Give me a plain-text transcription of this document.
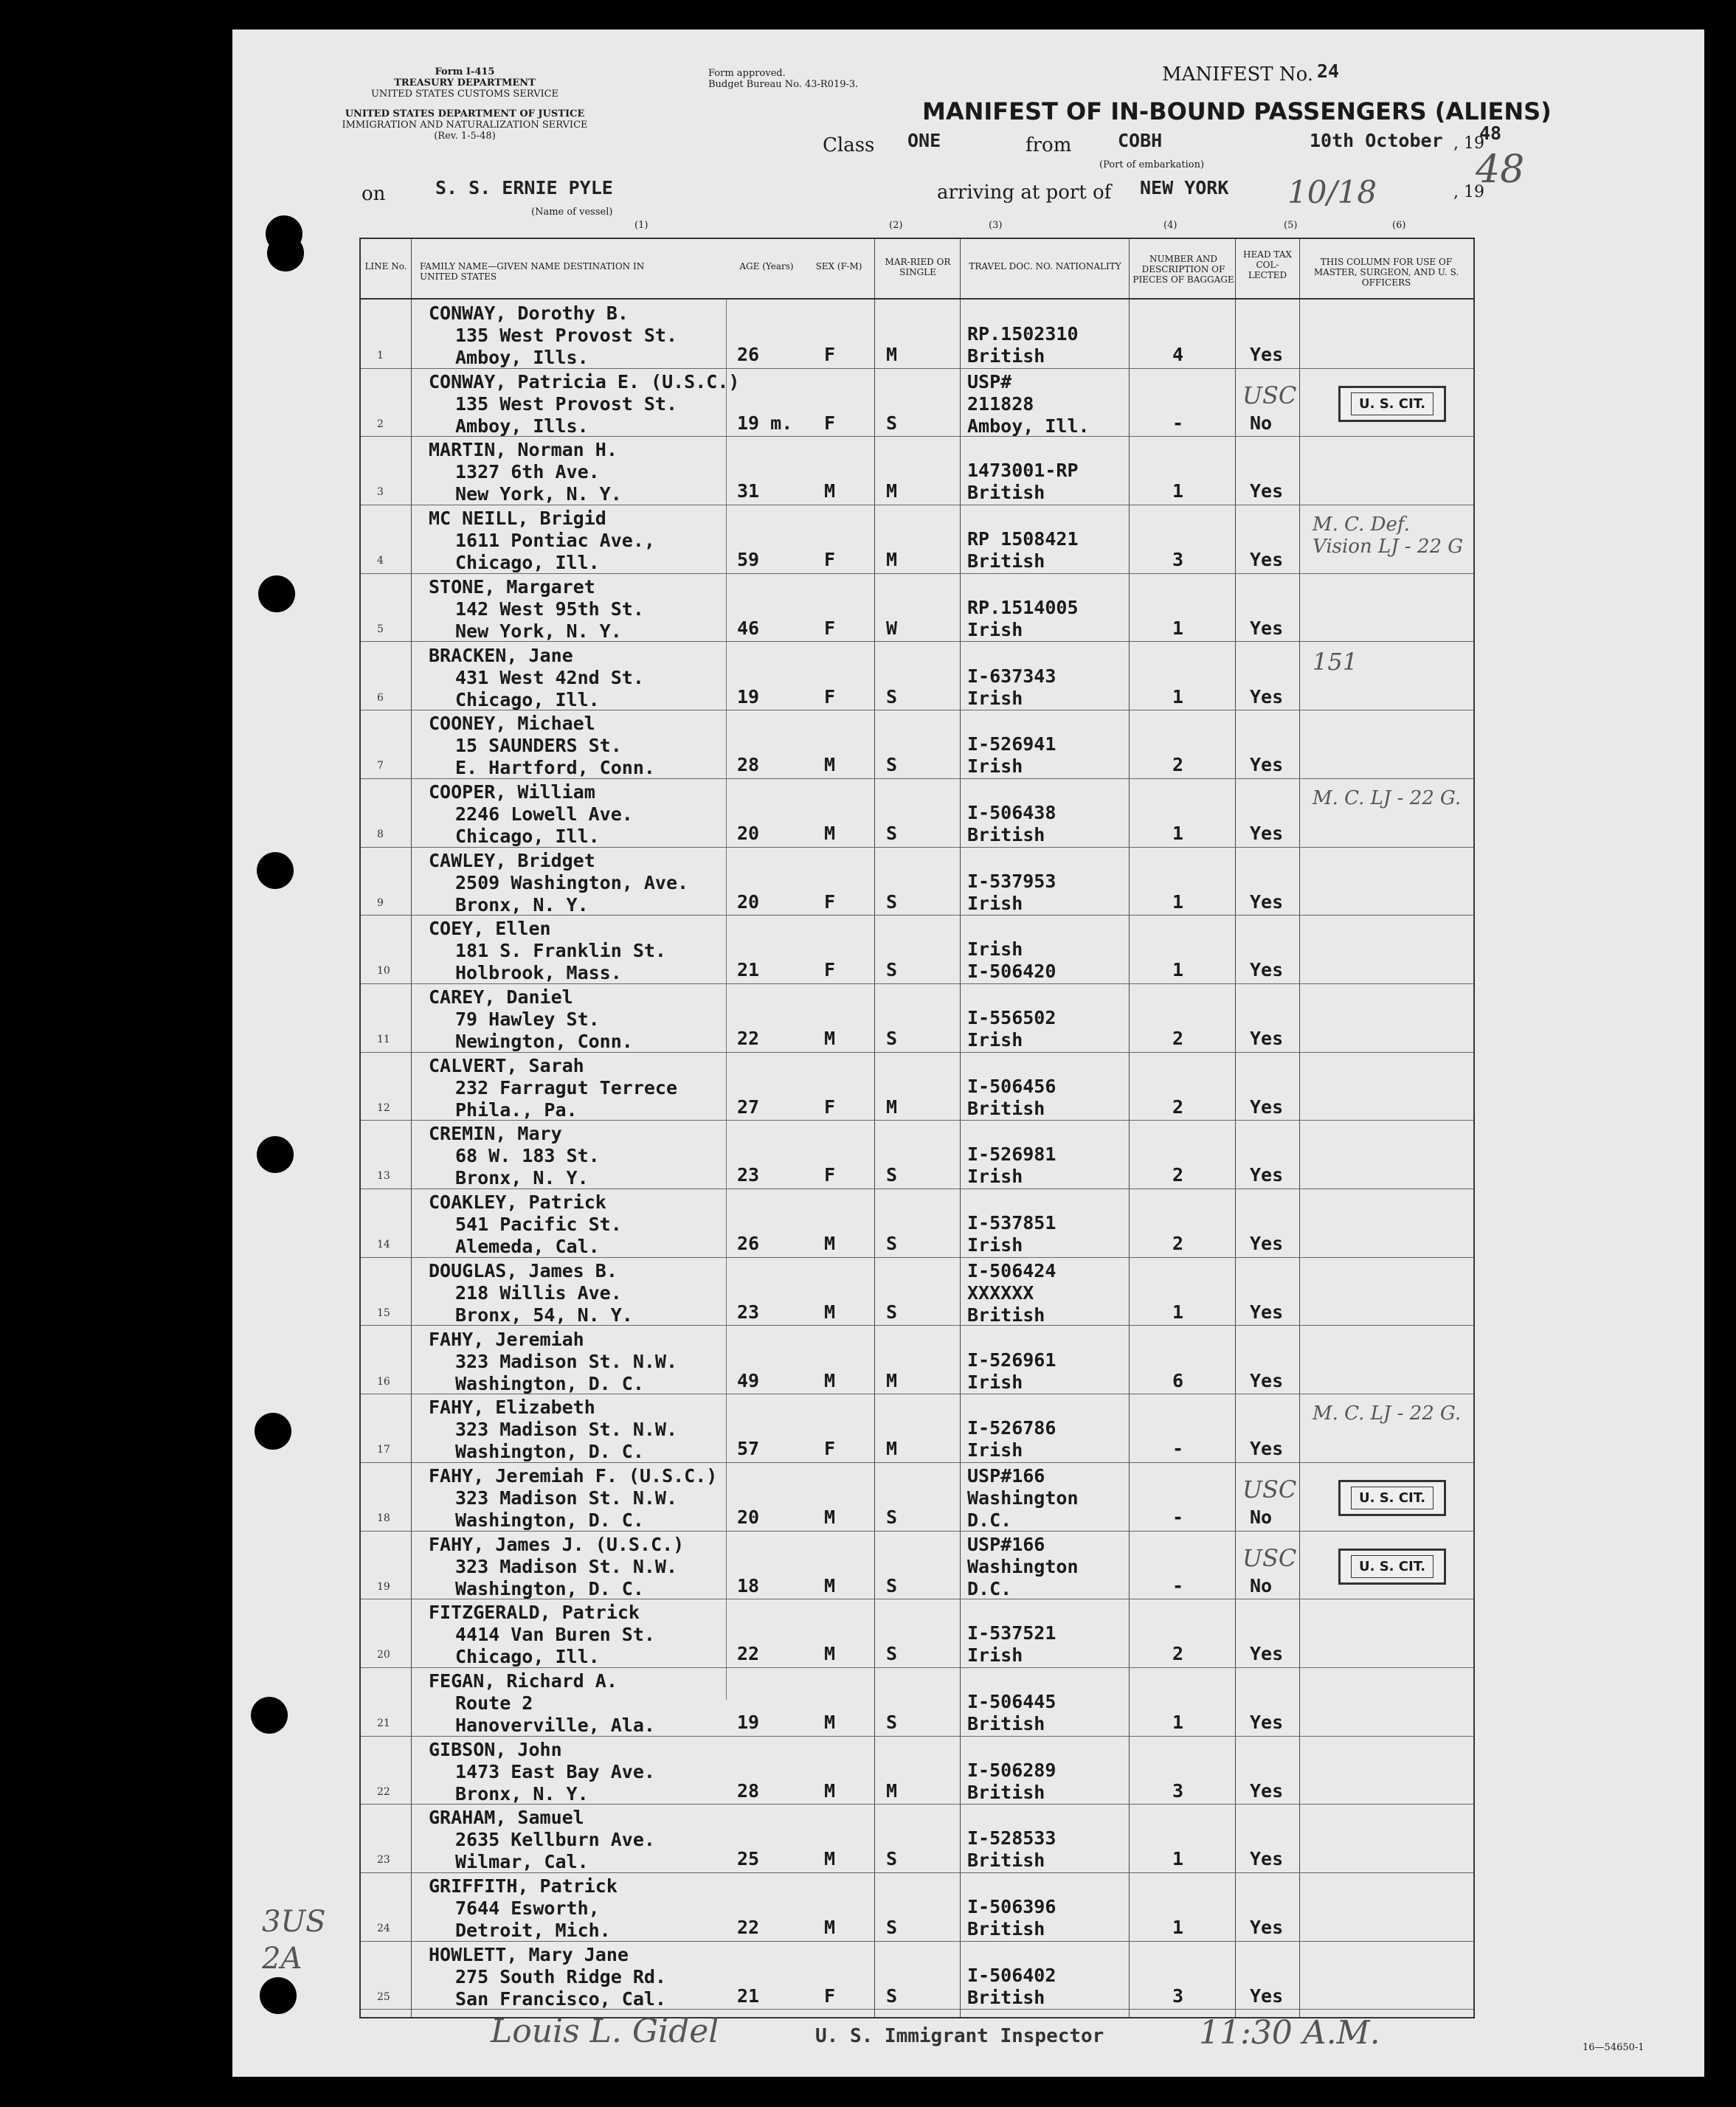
Form I-415
TREASURY DEPARTMENT
UNITED STATES CUSTOMS SERVICE
UNITED STATES DEPARTMENT OF JUSTICE
IMMIGRATION AND NATURALIZATION SERVICE
(Rev. 1-5-48)
Form approved.
Budget Bureau No. 43-R019-3.	MANIFEST No. 24
MANIFEST OF IN-BOUND PASSENGERS (ALIENS)
Class ONE	from	COBH
(Port of embarkation)
10th October , 19
48
on	S. S. ERNIE PYLE
(Name of vessel)
arriving at port of NEW YORK 10/18	, 19
48
(1)	(2)	(3)	(4)	(5)	(6)
LINE No.	FAMILY NAME—GIVEN NAME DESTINATION IN UNITED STATES
AGE (Years)	SEX (F-M)	MAR-RIED OR SINGLE
TRAVEL DOC. NO. NATIONALITY
NUMBER AND DESCRIPTION OF PIECES OF BAGGAGE
HEAD TAX COL-LECTED
THIS COLUMN FOR USE OF MASTER, SURGEON, AND U. S. OFFICERS
1
CONWAY, Dorothy B.
135 West Provost St.
Amboy, Ills.	26	F	M
RP.1502310
British	4	Yes
2
CONWAY, Patricia E. (U.S.C.)
135 West Provost St.
Amboy, Ills.	19 m. F	S
USP#
211828
Amboy, Ill.	-	No
USC	U. S. CIT.
3
MARTIN, Norman H.
1327 6th Ave.
New York, N. Y.	31	M	M
1473001-RP
British	1	Yes
4
MC NEILL, Brigid
1611 Pontiac Ave.,
Chicago, Ill.	59	F	M
RP 1508421
British	3	Yes
M. C. Def. Vision LJ - 22 G
5
STONE, Margaret
142 West 95th St.
New York, N. Y.	46	F	W
RP.1514005
Irish	1	Yes
6
BRACKEN, Jane
431 West 42nd St.
Chicago, Ill.	19	F	S
I-637343
Irish	1	Yes
151
7
COONEY, Michael
15 SAUNDERS St.
E. Hartford, Conn.	28	M	S
I-526941
Irish	2	Yes
8
COOPER, William
2246 Lowell Ave.
Chicago, Ill.	20	M	S
I-506438
British	1	Yes
M. C. LJ - 22 G.
9
CAWLEY, Bridget
2509 Washington, Ave.
Bronx, N. Y.	20	F	S
I-537953
Irish	1	Yes
10
COEY, Ellen
181 S. Franklin St.
Holbrook, Mass.	21	F	S
Irish
I-506420	1	Yes
11
CAREY, Daniel
79 Hawley St.
Newington, Conn.	22	M	S
I-556502
Irish	2	Yes
12
CALVERT, Sarah
232 Farragut Terrece
Phila., Pa.	27	F	M
I-506456
British	2	Yes
13
CREMIN, Mary
68 W. 183 St.
Bronx, N. Y.	23	F	S
I-526981
Irish	2	Yes
14
COAKLEY, Patrick
541 Pacific St.
Alemeda, Cal.	26	M	S
I-537851
Irish	2	Yes
15
DOUGLAS, James B.
218 Willis Ave.
Bronx, 54, N. Y.	23	M	S
I-506424
XXXXXX
British	1	Yes
16
FAHY, Jeremiah
323 Madison St. N.W.
Washington, D. C.	49	M	M
I-526961
Irish	6	Yes
17
FAHY, Elizabeth
323 Madison St. N.W.
Washington, D. C.	57	F	M
I-526786
Irish	-	Yes
M. C. LJ - 22 G.
18
FAHY, Jeremiah F. (U.S.C.)
323 Madison St. N.W.
Washington, D. C.	20	M	S
USP#166
Washington
D.C.	-	No
USC	U. S. CIT.
19
FAHY, James J. (U.S.C.)
323 Madison St. N.W.
Washington, D. C.	18	M	S
USP#166
Washington
D.C.	-	No
USC	U. S. CIT.
20
FITZGERALD, Patrick
4414 Van Buren St.
Chicago, Ill.	22	M	S
I-537521
Irish	2	Yes
21
FEGAN, Richard A.
Route 2
Hanoverville, Ala.	19	M	S
I-506445
British	1	Yes
22
GIBSON, John
1473 East Bay Ave.
Bronx, N. Y.	28	M	M
I-506289
British	3	Yes
23
GRAHAM, Samuel
2635 Kellburn Ave.
Wilmar, Cal.	25	M	S
I-528533
British	1	Yes
24
GRIFFITH, Patrick
7644 Esworth,
Detroit, Mich.	22	M	S
I-506396
British	1	Yes
25
HOWLETT, Mary Jane
275 South Ridge Rd.
San Francisco, Cal.	21	F	S
I-506402
British	3	Yes
Louis L. Gidel	U. S. Immigrant Inspector	11:30 A.M.	16—54650-1
3US 2A
